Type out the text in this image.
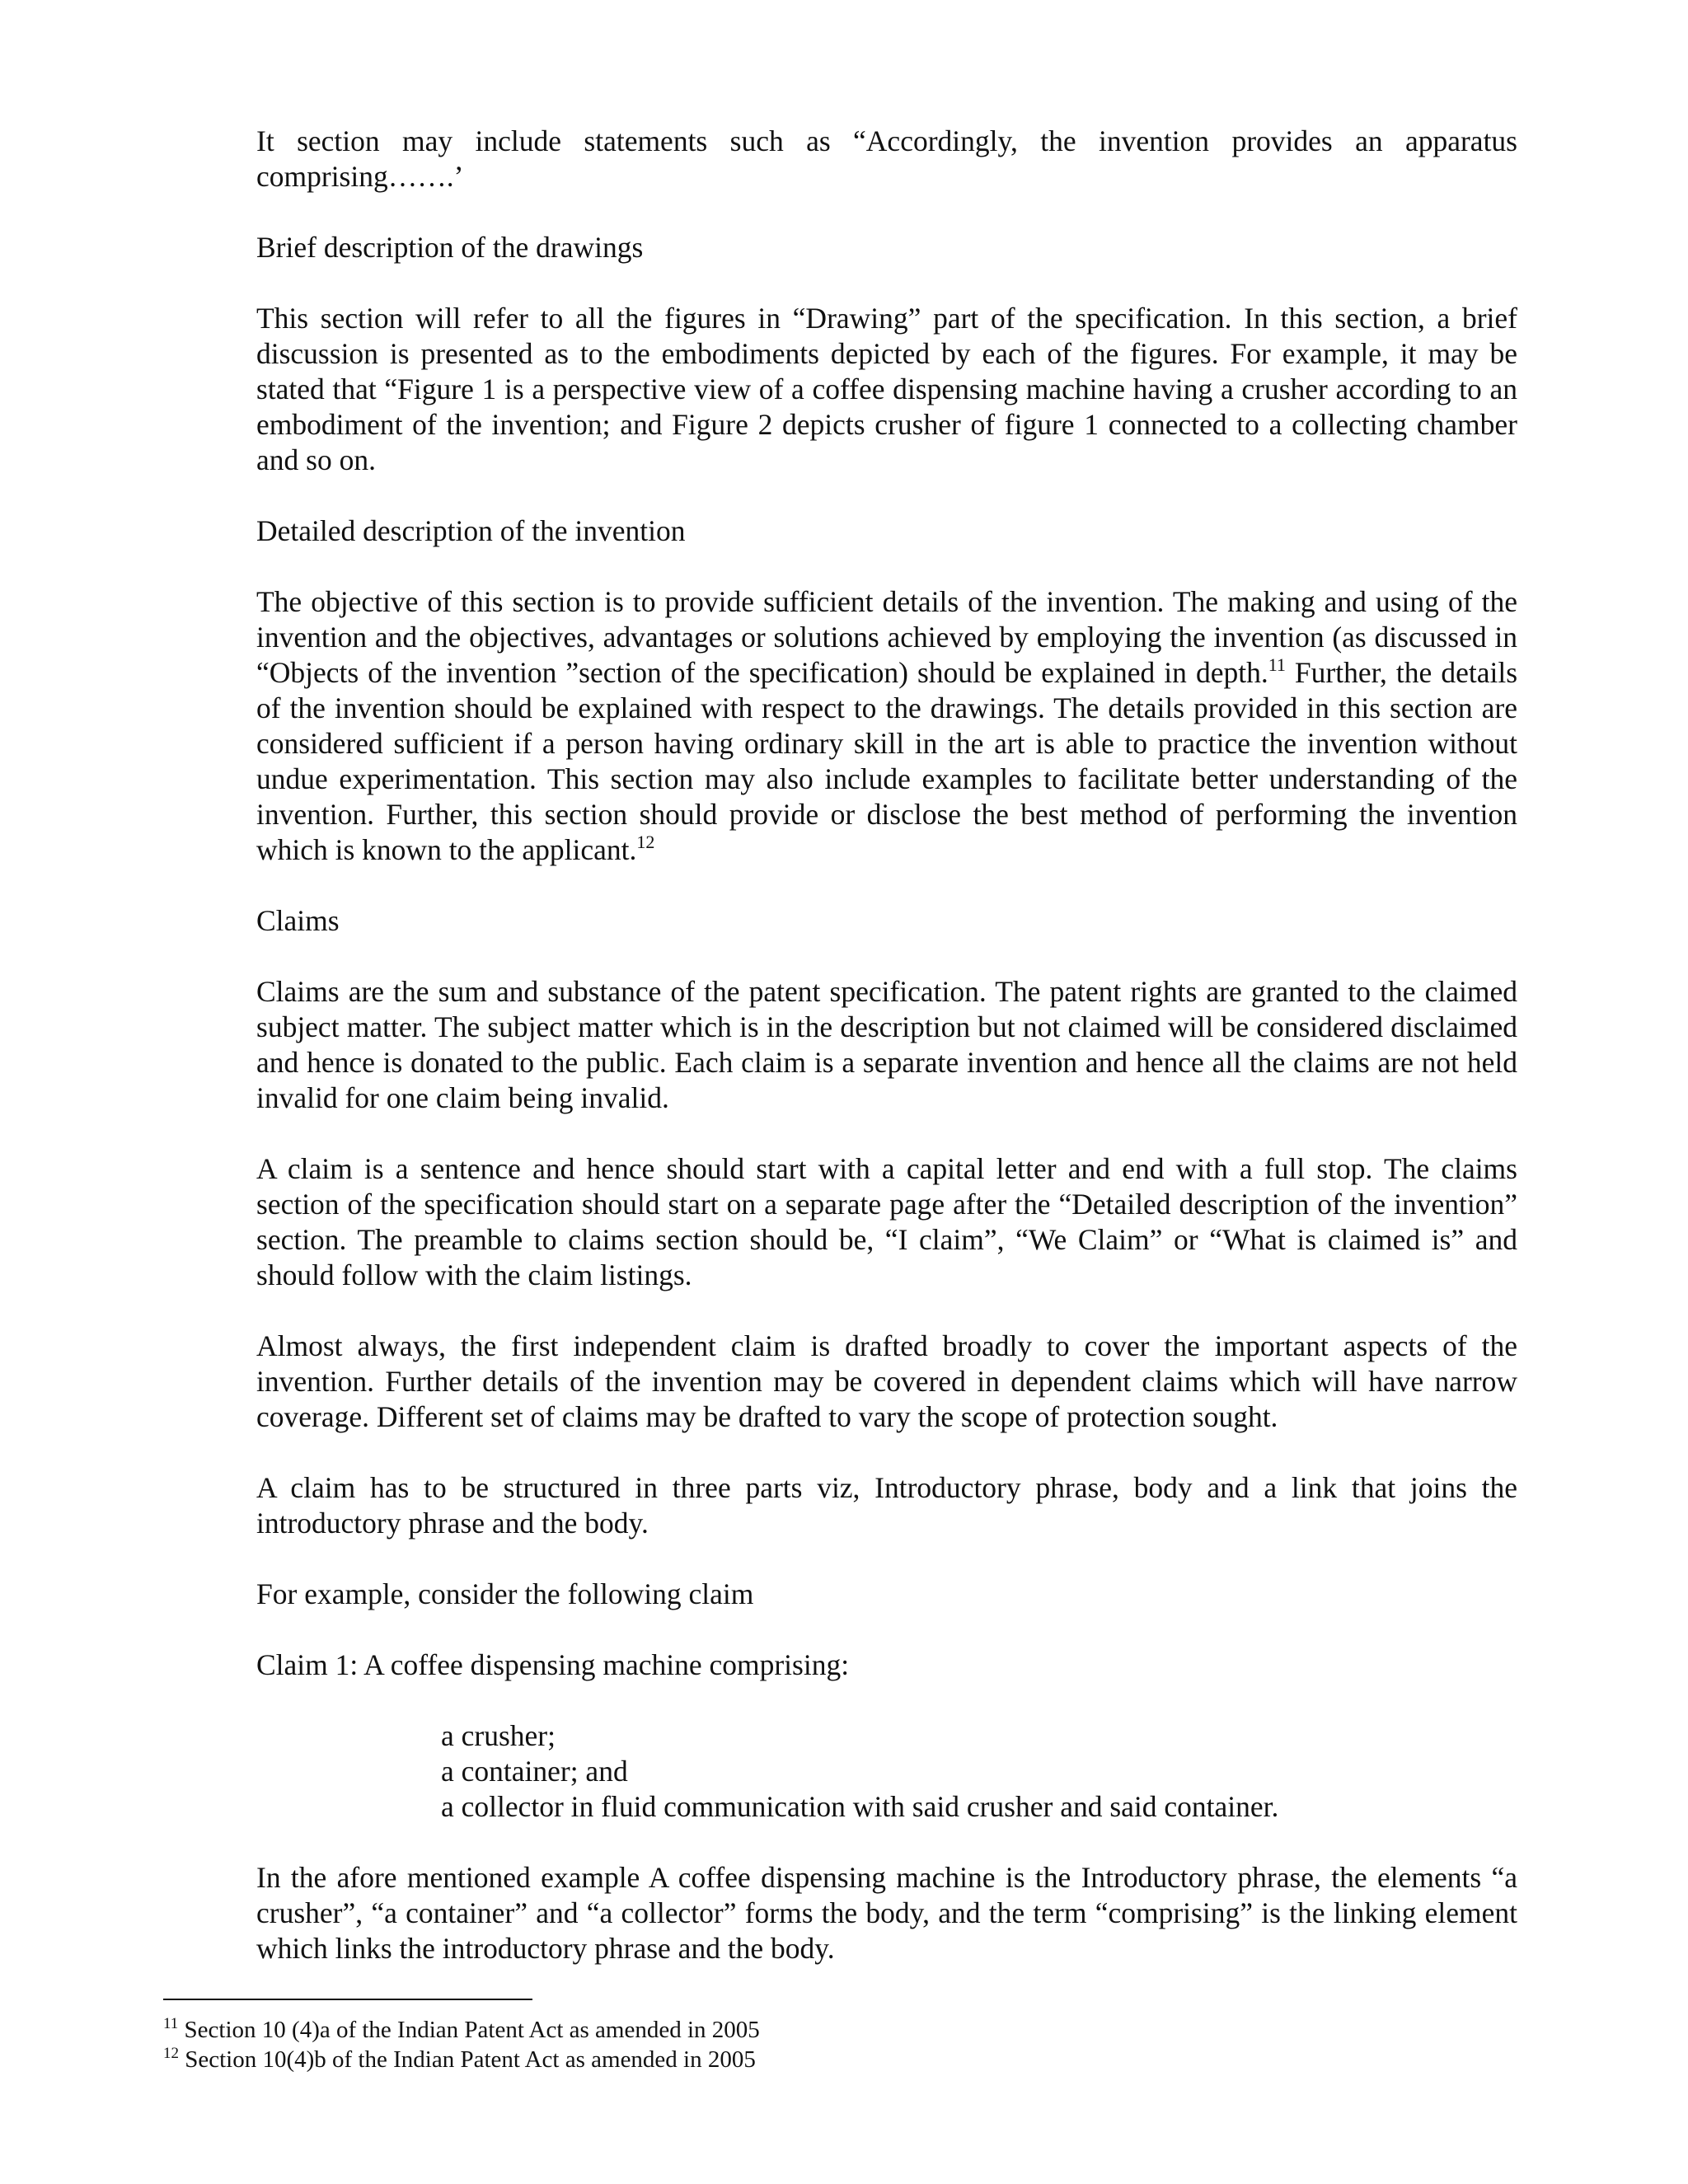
It section may include statements such as “Accordingly, the invention provides an apparatus comprising…….’

Brief description of the drawings

This section will refer to all the figures in “Drawing” part of the specification. In this section, a brief discussion is presented as to the embodiments depicted by each of the figures. For example, it may be stated that “Figure 1 is a perspective view of a coffee dispensing machine having a crusher according to an embodiment of the invention; and Figure 2 depicts crusher of figure 1 connected to a collecting chamber and so on.

Detailed description of the invention

The objective of this section is to provide sufficient details of the invention. The making and using of the invention and the objectives, advantages or solutions achieved by employing the invention (as discussed in “Objects of the invention ”section of the specification) should be explained in depth.$^{11}$ Further, the details of the invention should be explained with respect to the drawings. The details provided in this section are considered sufficient if a person having ordinary skill in the art is able to practice the invention without undue experimentation. This section may also include examples to facilitate better understanding of the invention. Further, this section should provide or disclose the best method of performing the invention which is known to the applicant.$^{12}$

Claims

Claims are the sum and substance of the patent specification. The patent rights are granted to the claimed subject matter. The subject matter which is in the description but not claimed will be considered disclaimed and hence is donated to the public. Each claim is a separate invention and hence all the claims are not held invalid for one claim being invalid.

A claim is a sentence and hence should start with a capital letter and end with a full stop. The claims section of the specification should start on a separate page after the “Detailed description of the invention” section. The preamble to claims section should be, “I claim”, “We Claim” or “What is claimed is” and should follow with the claim listings.

Almost always, the first independent claim is drafted broadly to cover the important aspects of the invention. Further details of the invention may be covered in dependent claims which will have narrow coverage. Different set of claims may be drafted to vary the scope of protection sought.

A claim has to be structured in three parts viz, Introductory phrase, body and a link that joins the introductory phrase and the body.

For example, consider the following claim

Claim 1: A coffee dispensing machine comprising:

a crusher;
a container; and
a collector in fluid communication with said crusher and said container.

In the afore mentioned example A coffee dispensing machine is the Introductory phrase, the elements “a crusher”, “a container” and “a collector” forms the body, and the term “comprising” is the linking element which links the introductory phrase and the body.

$^{11}$ Section 10 (4)a of the Indian Patent Act as amended in 2005
$^{12}$ Section 10(4)b of the Indian Patent Act as amended in 2005
